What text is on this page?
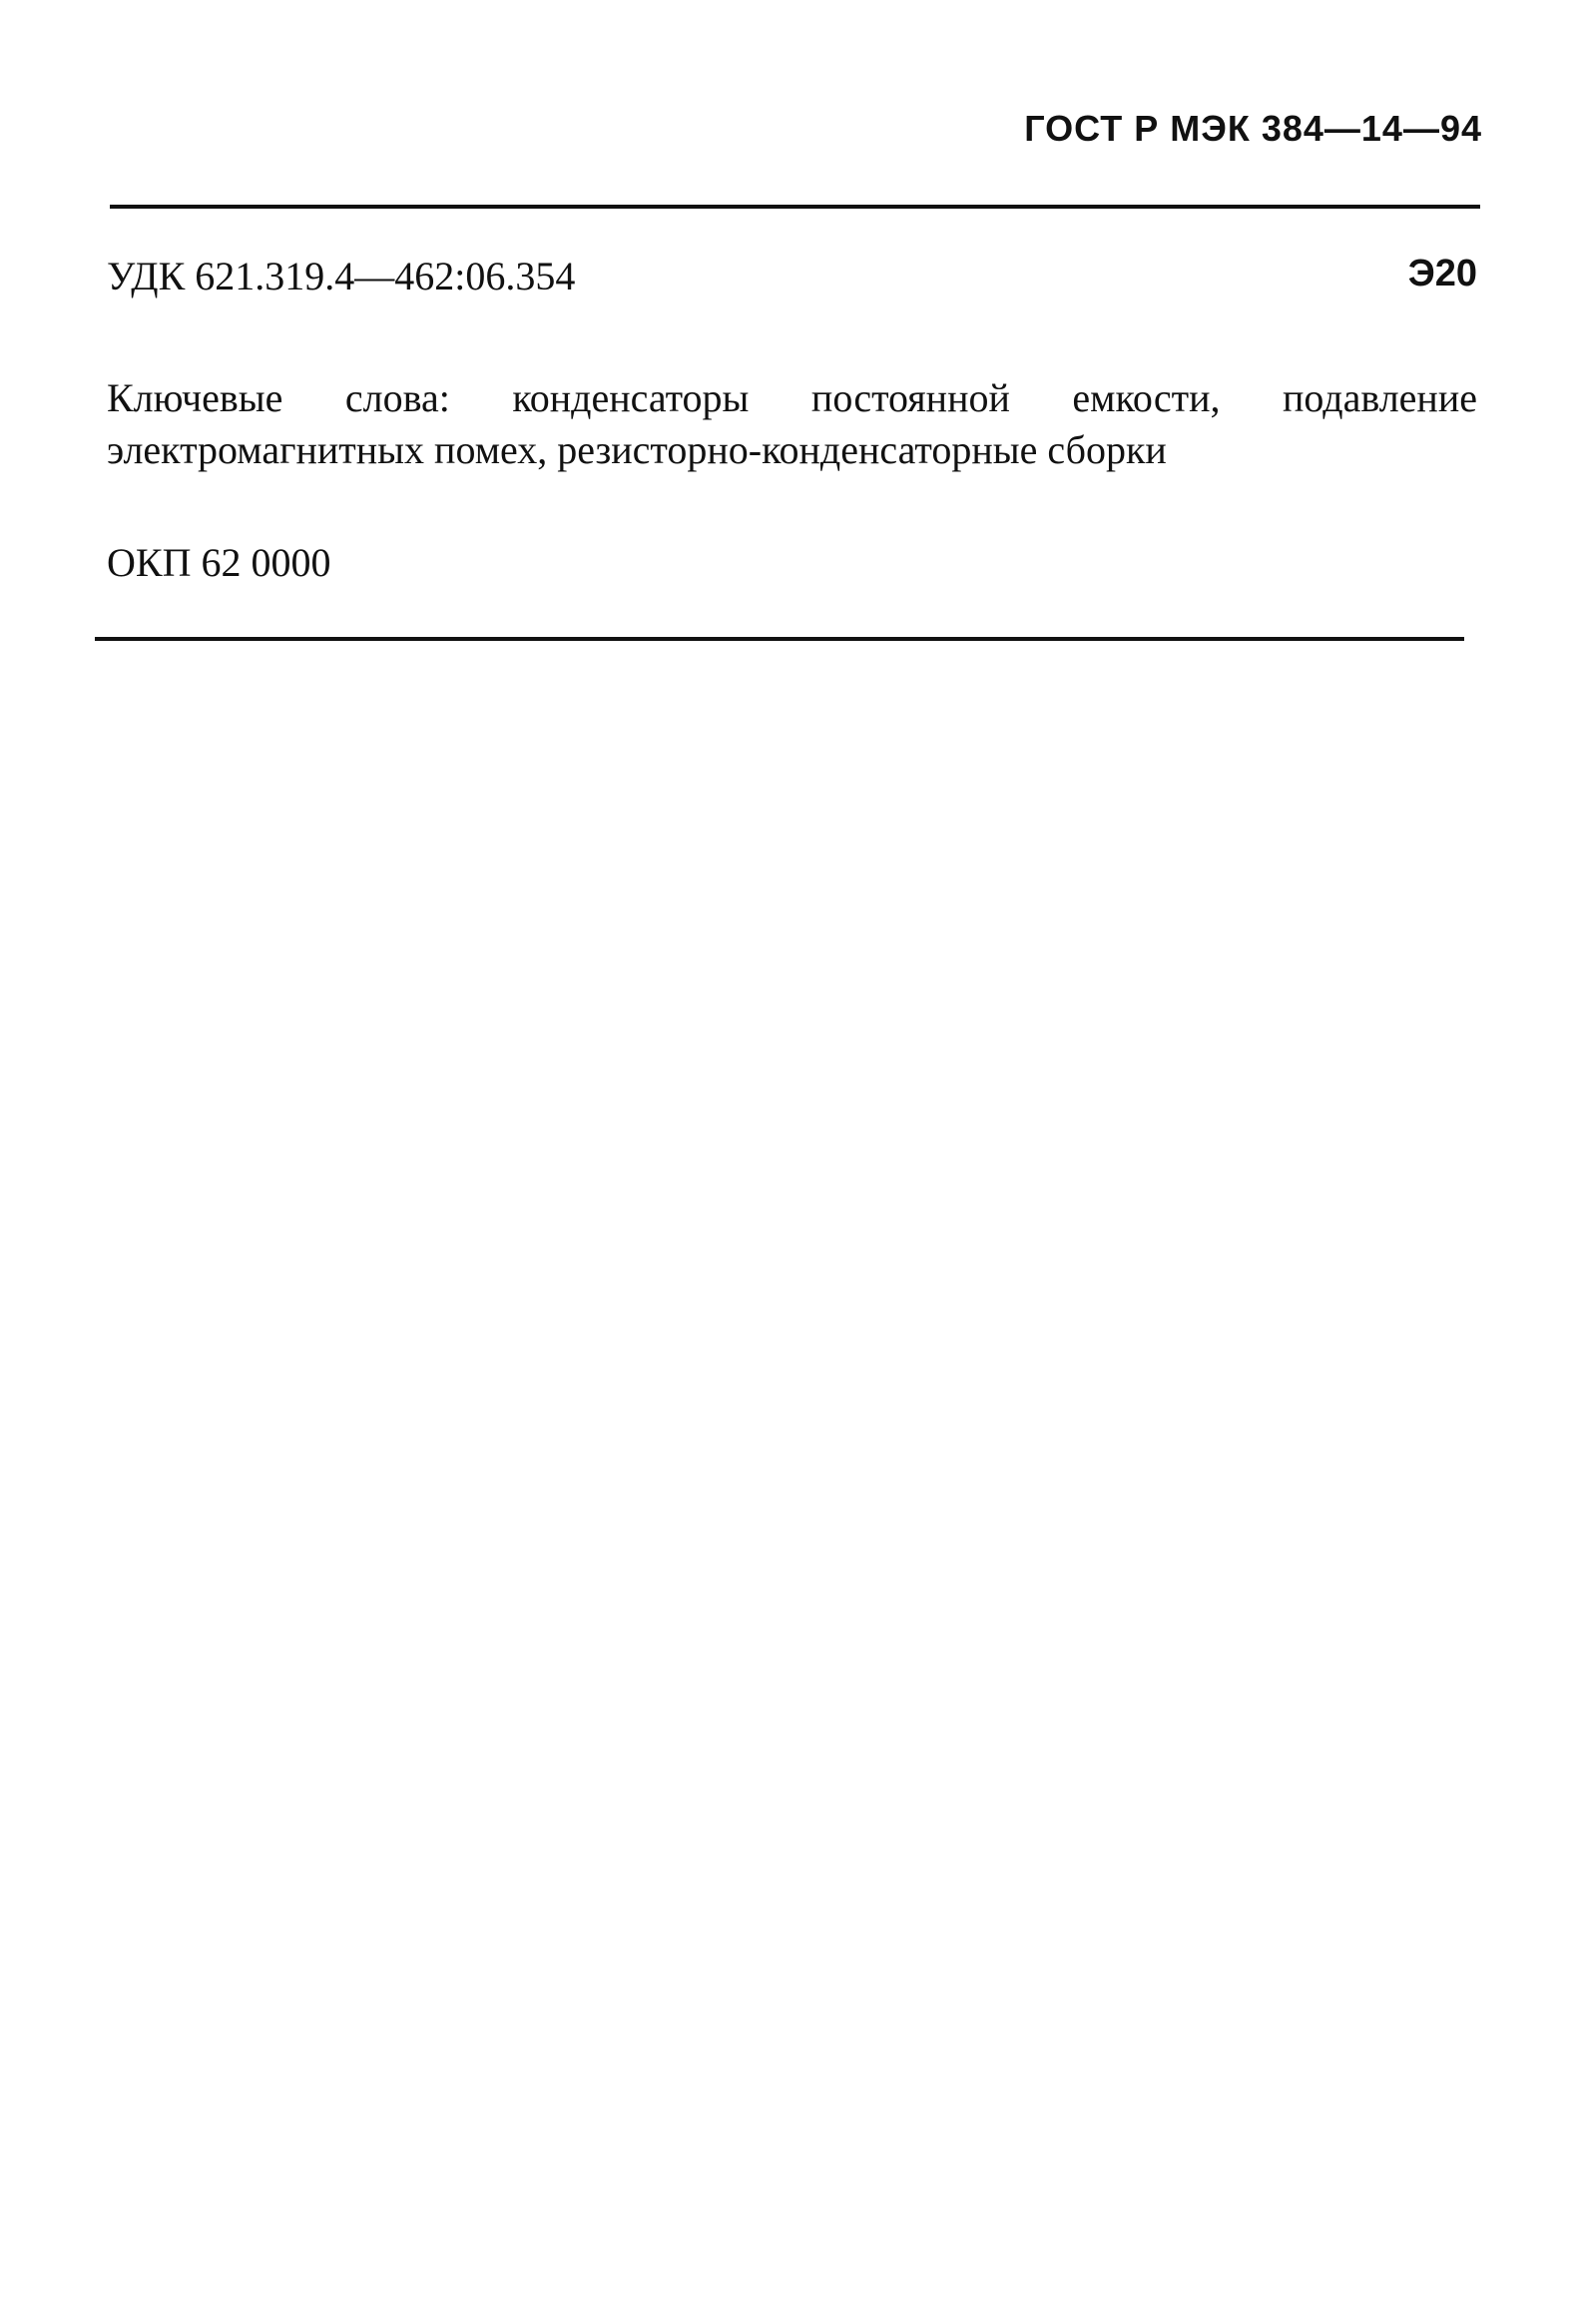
ГОСТ Р МЭК 384—14—94
УДК 621.319.4—462:06.354	Э20
Ключевые слова: конденсаторы постоянной емкости, подавление
электромагнитных помех, резисторно-конденсаторные сборки
ОКП 62 0000
